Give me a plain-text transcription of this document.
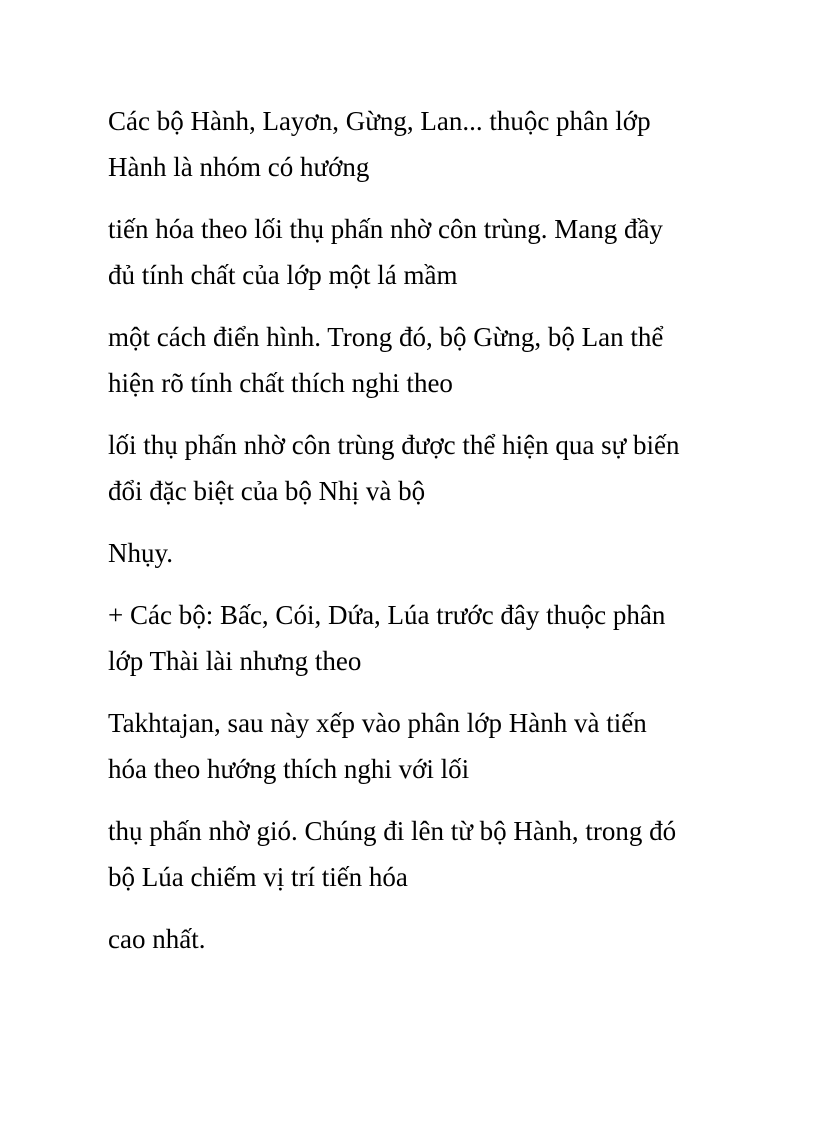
Các bộ Hành, Layơn, Gừng, Lan... thuộc phân lớp
Hành là nhóm có hướng

tiến hóa theo lối thụ phấn nhờ côn trùng. Mang đầy
đủ tính chất của lớp một lá mầm

một cách điển hình. Trong đó, bộ Gừng, bộ Lan thể
hiện rõ tính chất thích nghi theo

lối thụ phấn nhờ côn trùng được thể hiện qua sự biến
đổi đặc biệt của bộ Nhị và bộ

Nhụy.

+ Các bộ: Bấc, Cói, Dứa, Lúa trước đây thuộc phân
lớp Thài lài nhưng theo

Takhtajan, sau này xếp vào phân lớp Hành và tiến
hóa theo hướng thích nghi với lối

thụ phấn nhờ gió. Chúng đi lên từ bộ Hành, trong đó
bộ Lúa chiếm vị trí tiến hóa

cao nhất.
